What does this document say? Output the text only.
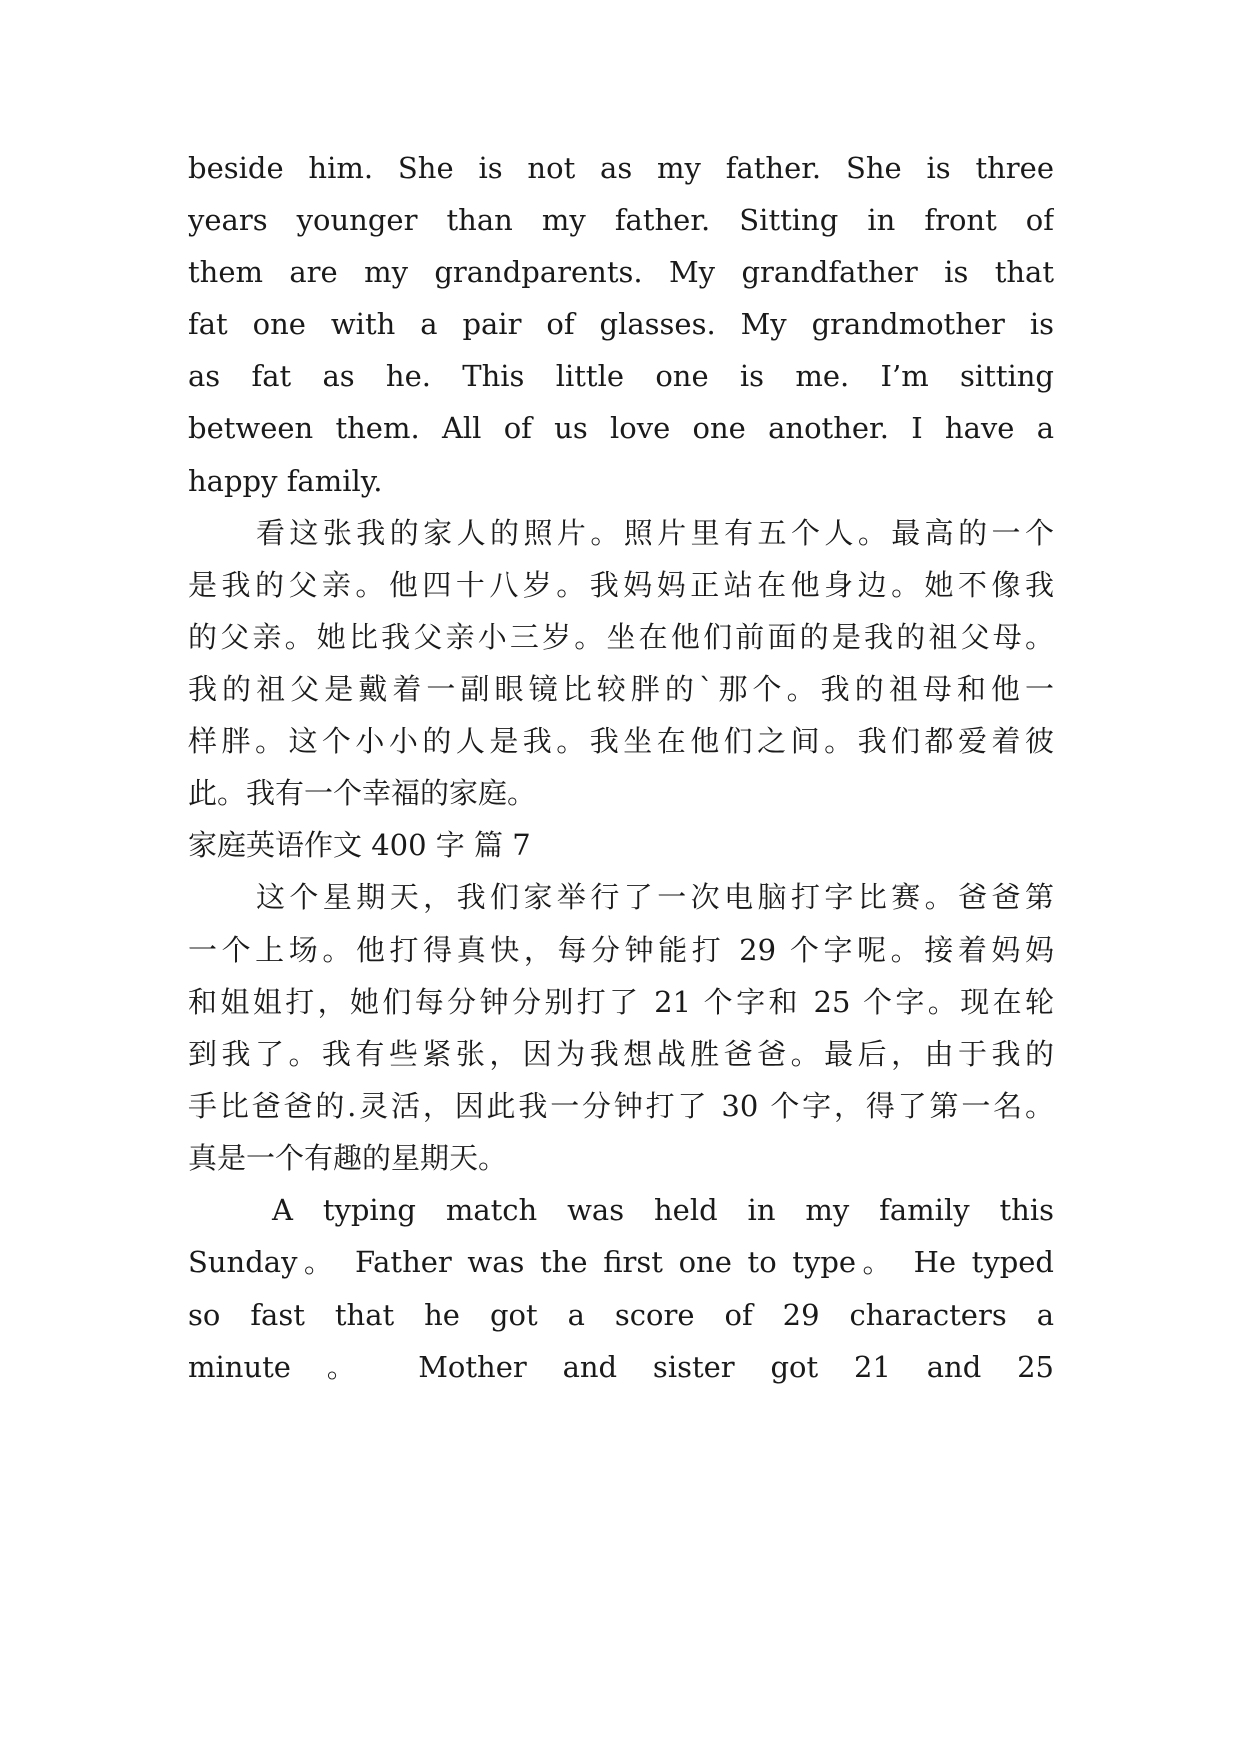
beside him. She is not as my father. She is three
years younger than my father. Sitting in front of
them are my grandparents. My grandfather is that
fat one with a pair of glasses. My grandmother is
as fat as he. This little one is me. I’m sitting
between them. All of us love one another. I have a
happy family.
看这张我的家人的照片。照片里有五个人。最高的一个
是我的父亲。他四十八岁。我妈妈正站在他身边。她不像我
的父亲。她比我父亲小三岁。坐在他们前面的是我的祖父母。
我的祖父是戴着一副眼镜比较胖的`那个。我的祖母和他一
样胖。这个小小的人是我。我坐在他们之间。我们都爱着彼
此。我有一个幸福的家庭。
家庭英语作文 400 字 篇 7
这个星期天，我们家举行了一次电脑打字比赛。爸爸第
一个上场。他打得真快，每分钟能打 29 个字呢。接着妈妈
和姐姐打，她们每分钟分别打了 21 个字和 25 个字。现在轮
到我了。我有些紧张，因为我想战胜爸爸。最后，由于我的
手比爸爸的.灵活，因此我一分钟打了 30 个字，得了第一名。
真是一个有趣的星期天。
A typing match was held in my family this
Sunday。 Father was the first one to type。 He typed
so fast that he got a score of 29 characters a
minute 。 Mother and sister got 21 and 25
